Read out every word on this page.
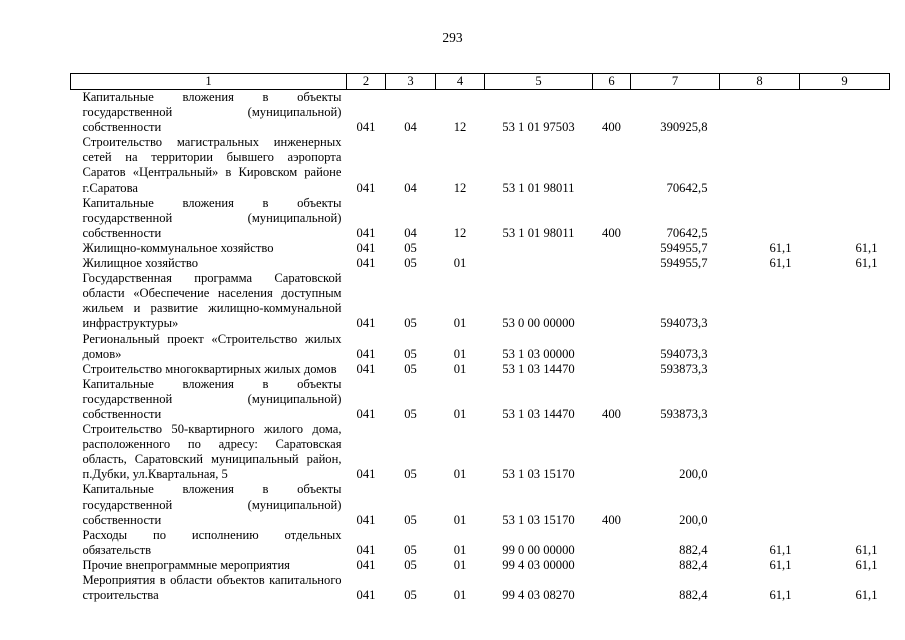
293
1	2	3	4	5	6	7	8	9
Капитальные вложения в объекты государственной (муниципальной) собственности	041	04	12	53 1 01 97503	400	390925,8		
Строительство магистральных инженерных сетей на территории бывшего аэропорта Саратов «Центральный» в Кировском районе г.Саратова	041	04	12	53 1 01 98011		70642,5		
Капитальные вложения в объекты государственной (муниципальной) собственности	041	04	12	53 1 01 98011	400	70642,5		
Жилищно-коммунальное хозяйство	041	05				594955,7	61,1	61,1
Жилищное хозяйство	041	05	01			594955,7	61,1	61,1
Государственная программа Саратовской области «Обеспечение населения доступным жильем и развитие жилищно-коммунальной инфраструктуры»	041	05	01	53 0 00 00000		594073,3		
Региональный проект «Строительство жилых домов»	041	05	01	53 1 03 00000		594073,3		
Строительство многоквартирных жилых домов	041	05	01	53 1 03 14470		593873,3		
Капитальные вложения в объекты государственной (муниципальной) собственности	041	05	01	53 1 03 14470	400	593873,3		
Строительство 50-квартирного жилого дома, расположенного по адресу: Саратовская область, Саратовский муниципальный район, п.Дубки, ул.Квартальная, 5	041	05	01	53 1 03 15170		200,0		
Капитальные вложения в объекты государственной (муниципальной) собственности	041	05	01	53 1 03 15170	400	200,0		
Расходы по исполнению отдельных обязательств	041	05	01	99 0 00 00000		882,4	61,1	61,1
Прочие внепрограммные мероприятия	041	05	01	99 4 03 00000		882,4	61,1	61,1
Мероприятия в области объектов капитального строительства	041	05	01	99 4 03 08270		882,4	61,1	61,1
